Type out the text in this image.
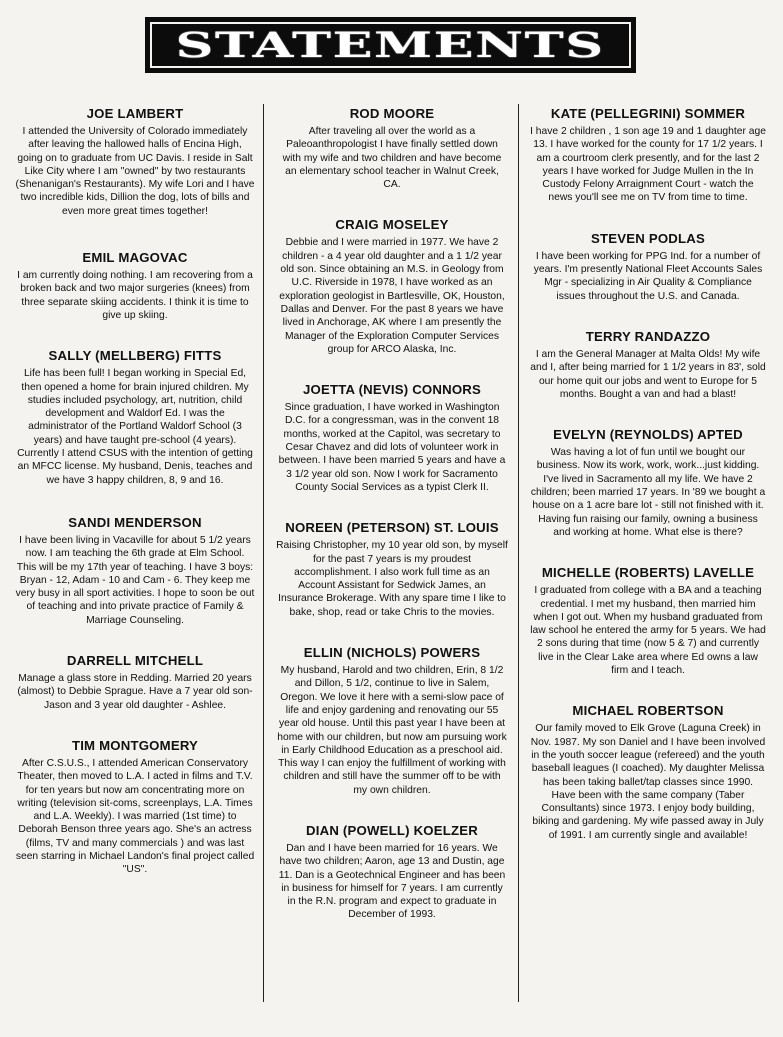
STATEMENTS
JOE LAMBERT

I attended the University of Colorado immediately after leaving the hallowed halls of Encina High, going on to graduate from UC Davis. I reside in Salt Like City where I am "owned" by two restaurants (Shenanigan's Restaurants). My wife Lori and I have two incredible kids, Dillion the dog, lots of bills and even more great times together!

EMIL MAGOVAC

I am currently doing nothing. I am recovering from a broken back and two major surgeries (knees) from three separate skiing accidents. I think it is time to give up skiing.

SALLY (MELLBERG) FITTS

Life has been full! I began working in Special Ed, then opened a home for brain injured children. My studies included psychology, art, nutrition, child development and Waldorf Ed. I was the administrator of the Portland Waldorf School (3 years) and have taught pre-school (4 years). Currently I attend CSUS with the intention of getting an MFCC license. My husband, Denis, teaches and we have 3 happy children, 8, 9 and 16.

SANDI MENDERSON

I have been living in Vacaville for about 5 1/2 years now. I am teaching the 6th grade at Elm School. This will be my 17th year of teaching. I have 3 boys: Bryan - 12, Adam - 10 and Cam - 6. They keep me very busy in all sport activities. I hope to soon be out of teaching and into private practice of Family & Marriage Counseling.

DARRELL MITCHELL

Manage a glass store in Redding. Married 20 years (almost) to Debbie Sprague. Have a 7 year old son- Jason and 3 year old daughter - Ashlee.

TIM MONTGOMERY

After C.S.U.S., I attended American Conservatory Theater, then moved to L.A. I acted in films and T.V. for ten years but now am concentrating more on writing (television sit-coms, screenplays, L.A. Times and L.A. Weekly). I was married (1st time) to Deborah Benson three years ago. She's an actress (films, TV and many commercials ) and was last seen starring in Michael Landon's final project called "US".

ROD MOORE

After traveling all over the world as a Paleoanthropologist I have finally settled down with my wife and two children and have become an elementary school teacher in Walnut Creek, CA.

CRAIG MOSELEY

Debbie and I were married in 1977. We have 2 children - a 4 year old daughter and a 1 1/2 year old son. Since obtaining an M.S. in Geology from U.C. Riverside in 1978, I have worked as an exploration geologist in Bartlesville, OK, Houston, Dallas and Denver. For the past 8 years we have lived in Anchorage, AK where I am presently the Manager of the Exploration Computer Services group for ARCO Alaska, Inc.

JOETTA (NEVIS) CONNORS

Since graduation, I have worked in Washington D.C. for a congressman, was in the convent 18 months, worked at the Capitol, was secretary to Cesar Chavez and did lots of volunteer work in between. I have been married 5 years and have a 3 1/2 year old son. Now I work for Sacramento County Social Services as a typist Clerk II.

NOREEN (PETERSON) ST. LOUIS

Raising Christopher, my 10 year old son, by myself for the past 7 years is my proudest accomplishment. I also work full time as an Account Assistant for Sedwick James, an Insurance Brokerage. With any spare time I like to bake, shop, read or take Chris to the movies.

ELLIN (NICHOLS) POWERS

My husband, Harold and two children, Erin, 8 1/2 and Dillon, 5 1/2, continue to live in Salem, Oregon. We love it here with a semi-slow pace of life and enjoy gardening and renovating our 55 year old house. Until this past year I have been at home with our children, but now am pursuing work in Early Childhood Education as a preschool aid. This way I can enjoy the fulfillment of working with children and still have the summer off to be with my own children.

DIAN (POWELL) KOELZER

Dan and I have been married for 16 years. We have two children; Aaron, age 13 and Dustin, age 11. Dan is a Geotechnical Engineer and has been in business for himself for 7 years. I am currently in the R.N. program and expect to graduate in December of 1993.

KATE (PELLEGRINI) SOMMER

I have 2 children , 1 son age 19 and 1 daughter age 13. I have worked for the county for 17 1/2 years. I am a courtroom clerk presently, and for the last 2 years I have worked for Judge Mullen in the In Custody Felony Arraignment Court - watch the news you'll see me on TV from time to time.

STEVEN PODLAS

I have been working for PPG Ind. for a number of years. I'm presently National Fleet Accounts Sales Mgr - specializing in Air Quality & Compliance issues throughout the U.S. and Canada.

TERRY RANDAZZO

I am the General Manager at Malta Olds! My wife and I, after being married for 1 1/2 years in 83', sold our home quit our jobs and went to Europe for 5 months. Bought a van and had a blast!

EVELYN (REYNOLDS) APTED

Was having a lot of fun until we bought our business. Now its work, work, work...just kidding. I've lived in Sacramento all my life. We have 2 children; been married 17 years. In '89 we bought a house on a 1 acre bare lot - still not finished with it. Having fun raising our family, owning a business and working at home. What else is there?

MICHELLE (ROBERTS) LAVELLE

I graduated from college with a BA and a teaching credential. I met my husband, then married him when I got out. When my husband graduated from law school he entered the army for 5 years. We had 2 sons during that time (now 5 & 7) and currently live in the Clear Lake area where Ed owns a law firm and I teach.

MICHAEL ROBERTSON

Our family moved to Elk Grove (Laguna Creek) in Nov. 1987. My son Daniel and I have been involved in the youth soccer league (refereed) and the youth baseball leagues (I coached). My daughter Melissa has been taking ballet/tap classes since 1990. Have been with the same company (Taber Consultants) since 1973. I enjoy body building, biking and gardening. My wife passed away in July of 1991. I am currently single and available!
